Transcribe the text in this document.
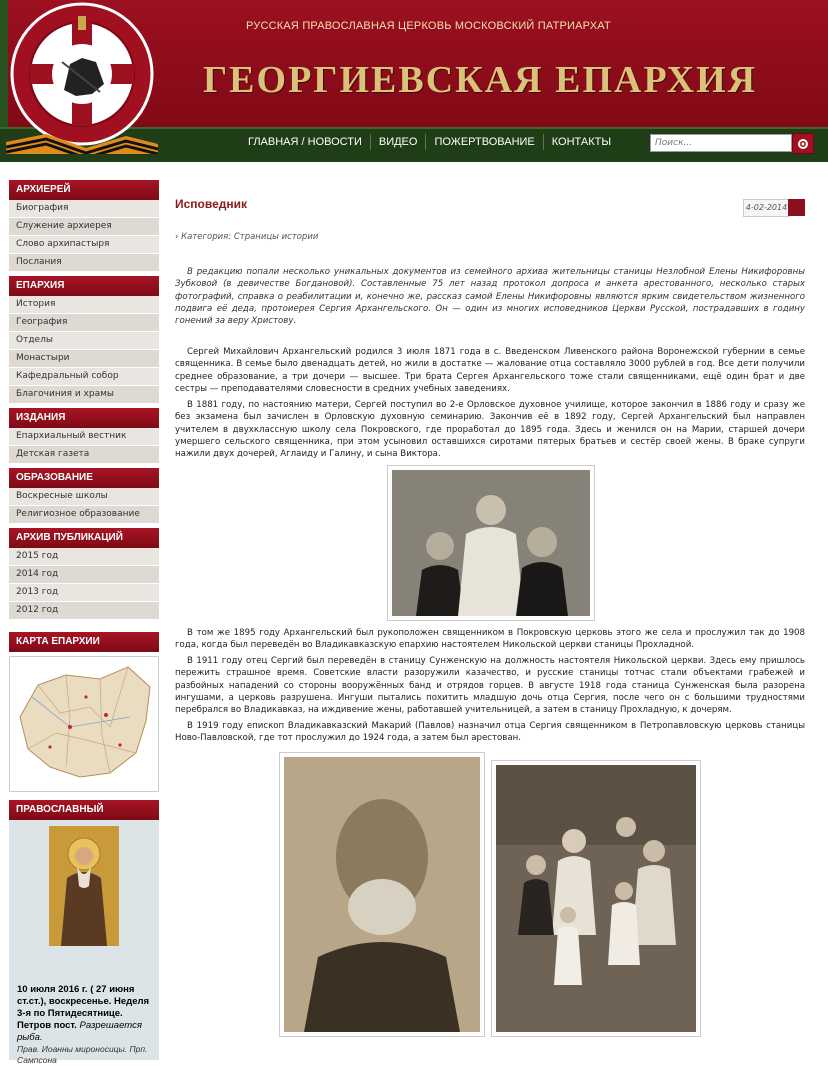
РУССКАЯ ПРАВОСЛАВНАЯ ЦЕРКОВЬ МОСКОВСКИЙ ПАТРИАРХАТ
ГЕОРГИЕВСКАЯ ЕПАРХИЯ
ГЛАВНАЯ / НОВОСТИ	ВИДЕО	ПОЖЕРТВОВАНИЕ	КОНТАКТЫ
Поиск...
АРХИЕРЕЙ
Биография
Служение архиерея
Слово архипастыря
Послания
ЕПАРХИЯ
История
География
Отделы
Монастыри
Кафедральный собор
Благочиния и храмы
ИЗДАНИЯ
Епархиальный вестник
Детская газета
ОБРАЗОВАНИЕ
Воскресные школы
Религиозное образование
АРХИВ ПУБЛИКАЦИЙ
2015 год
2014 год
2013 год
2012 год
КАРТА ЕПАРХИИ
ПРАВОСЛАВНЫЙ
10 июля 2016 г. ( 27 июня ст.ст.), воскресенье. Неделя 3-я по Пятидесятнице. Петров пост. Разрешается рыба.
Прав. Иоанны мироносицы. Прп. Сампсона
Исповедник	4-02-2014
› Категория: Страницы истории
В редакцию попали несколько уникальных документов из семейного архива жительницы станицы Незлобной Елены Никифоровны Зубковой (в девичестве Богдановой). Составленные 75 лет назад протокол допроса и анкета арестованного, несколько старых фотографий, справка о реабилитации и, конечно же, рассказ самой Елены Никифоровны являются ярким свидетельством жизненного подвига её деда, протоиерея Сергия Архангельского. Он — один из многих исповедников Церкви Русской, пострадавших в годину гонений за веру Христову.
Сергей Михайлович Архангельский родился 3 июля 1871 года в с. Введенском Ливенского района Воронежской губернии в семье священника. В семье было двенадцать детей, но жили в достатке — жалование отца составляло 3000 рублей в год. Все дети получили среднее образование, а три дочери — высшее. Три брата Сергея Архангельского тоже стали священниками, ещё один брат и две сестры — преподавателями словесности в средних учебных заведениях.
В 1881 году, по настоянию матери, Сергей поступил во 2-е Орловское духовное училище, которое закончил в 1886 году и сразу же без экзамена был зачислен в Орловскую духовную семинарию. Закончив её в 1892 году, Сергей Архангельский был направлен учителем в двухклассную школу села Покровского, где проработал до 1895 года. Здесь и женился он на Марии, старшей дочери умершего сельского священника, при этом усыновил оставшихся сиротами пятерых братьев и сестёр своей жены. В браке супруги нажили двух дочерей, Аглаиду и Галину, и сына Виктора.
В том же 1895 году Архангельский был рукоположен священником в Покровскую церковь этого же села и прослужил так до 1908 года, когда был переведён во Владикавказскую епархию настоятелем Никольской церкви станицы Прохладной.
В 1911 году отец Сергий был переведён в станицу Сунженскую на должность настоятеля Никольской церкви. Здесь ему пришлось пережить страшное время. Советские власти разоружили казачество, и русские станицы тотчас стали объектами грабежей и разбойных нападений со стороны вооружённых банд и отрядов горцев. В августе 1918 года станица Сунженская была разорена ингушами, а церковь разрушена. Ингуши пытались похитить младшую дочь отца Сергия, после чего он с большими трудностями перебрался во Владикавказ, на иждивение жены, работавшей учительницей, а затем в станицу Прохладную, к дочерям.
В 1919 году епископ Владикавказский Макарий (Павлов) назначил отца Сергия священником в Петропавловскую церковь станицы Ново-Павловской, где тот прослужил до 1924 года, а затем был арестован.
